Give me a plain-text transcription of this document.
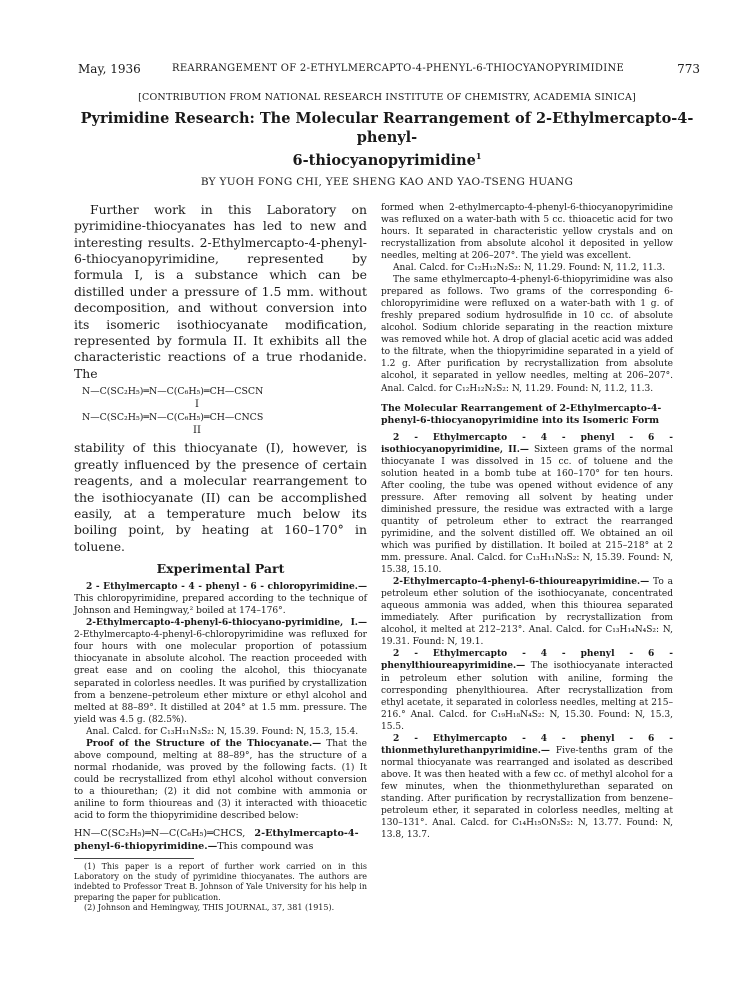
May, 1936	REARRANGEMENT OF 2-ETHYLMERCAPTO-4-PHENYL-6-THIOCYANOPYRIMIDINE	773
[CONTRIBUTION FROM NATIONAL RESEARCH INSTITUTE OF CHEMISTRY, ACADEMIA SINICA]
Pyrimidine Research: The Molecular Rearrangement of 2-Ethylmercapto-4-phenyl-
6-thiocyanopyrimidine$^1$
BY YUOH FONG CHI, YEE SHENG KAO AND YAO-TSENG HUANG

Further work in this Laboratory on pyrimidine-thiocyanates has led to new and interesting results. 2-Ethylmercapto-4-phenyl-6-thiocyanopyrimidine, represented by formula I, is a substance which can be distilled under a pressure of 1.5 mm. without decomposition, and without conversion into its isomeric isothiocyanate modification, represented by formula II. It exhibits all the characteristic reactions of a true rhodanide. The

N—C(SC₂H₅)═N—C(C₆H₅)═CH—CSCN
I
N—C(SC₂H₅)═N—C(C₆H₅)═CH—CNCS
II

stability of this thiocyanate (I), however, is greatly influenced by the presence of certain reagents, and a molecular rearrangement to the isothiocyanate (II) can be accomplished easily, at a temperature much below its boiling point, by heating at 160–170° in toluene.

Experimental Part

2 - Ethylmercapto - 4 - phenyl - 6 - chloropyrimidine.— This chloropyrimidine, prepared according to the technique of Johnson and Hemingway,² boiled at 174–176°.

2-Ethylmercapto-4-phenyl-6-thiocyano-pyrimidine, I.— 2-Ethylmercapto-4-phenyl-6-chloropyrimidine was refluxed for four hours with one molecular proportion of potassium thiocyanate in absolute alcohol. The reaction proceeded with great ease and on cooling the alcohol, this thiocyanate separated in colorless needles. It was purified by crystallization from a benzene–petroleum ether mixture or ethyl alcohol and melted at 88–89°. It distilled at 204° at 1.5 mm. pressure. The yield was 4.5 g. (82.5%).

Anal. Calcd. for C₁₃H₁₁N₃S₂: N, 15.39. Found: N, 15.3, 15.4.

Proof of the Structure of the Thiocyanate.— That the above compound, melting at 88–89°, has the structure of a normal rhodanide, was proved by the following facts. (1) It could be recrystallized from ethyl alcohol without conversion to a thiourethan; (2) it did not combine with ammonia or aniline to form thioureas and (3) it interacted with thioacetic acid to form the thiopyrimidine described below:

HN—C(SC₂H₅)═N—C(C₆H₅)═CHCS, 2-Ethylmercapto-4-phenyl-6-thiopyrimidine.—This compound was

(1) This paper is a report of further work carried on in this Laboratory on the study of pyrimidine thiocyanates. The authors are indebted to Professor Treat B. Johnson of Yale University for his help in preparing the paper for publication.

(2) Johnson and Hemingway, THIS JOURNAL, 37, 381 (1915).

formed when 2-ethylmercapto-4-phenyl-6-thiocyanopyrimidine was refluxed on a water-bath with 5 cc. thioacetic acid for two hours. It separated in characteristic yellow crystals and on recrystallization from absolute alcohol it deposited in yellow needles, melting at 206–207°. The yield was excellent.

Anal. Calcd. for C₁₂H₁₂N₂S₂: N, 11.29. Found: N, 11.2, 11.3.

The same ethylmercapto-4-phenyl-6-thiopyrimidine was also prepared as follows. Two grams of the corresponding 6-chloropyrimidine were refluxed on a water-bath with 1 g. of freshly prepared sodium hydrosulfide in 10 cc. of absolute alcohol. Sodium chloride separating in the reaction mixture was removed while hot. A drop of glacial acetic acid was added to the filtrate, when the thiopyrimidine separated in a yield of 1.2 g. After purification by recrystallization from absolute alcohol, it separated in yellow needles, melting at 206–207°. Anal. Calcd. for C₁₂H₁₂N₂S₂: N, 11.29. Found: N, 11.2, 11.3.

The Molecular Rearrangement of 2-Ethylmercapto-4-phenyl-6-thiocyanopyrimidine into its Isomeric Form

2 - Ethylmercapto - 4 - phenyl - 6 - isothiocyanopyrimidine, II.— Sixteen grams of the normal thiocyanate I was dissolved in 15 cc. of toluene and the solution heated in a bomb tube at 160–170° for ten hours. After cooling, the tube was opened without evidence of any pressure. After removing all solvent by heating under diminished pressure, the residue was extracted with a large quantity of petroleum ether to extract the rearranged pyrimidine, and the solvent distilled off. We obtained an oil which was purified by distillation. It boiled at 215–218° at 2 mm. pressure. Anal. Calcd. for C₁₃H₁₁N₃S₂: N, 15.39. Found: N, 15.38, 15.10.

2-Ethylmercapto-4-phenyl-6-thioureapyrimidine.— To a petroleum ether solution of the isothiocyanate, concentrated aqueous ammonia was added, when this thiourea separated immediately. After purification by recrystallization from alcohol, it melted at 212–213°. Anal. Calcd. for C₁₃H₁₄N₄S₂: N, 19.31. Found: N, 19.1.

2 - Ethylmercapto - 4 - phenyl - 6 - phenylthioureapyrimidine.— The isothiocyanate interacted in petroleum ether solution with aniline, forming the corresponding phenylthiourea. After recrystallization from ethyl acetate, it separated in colorless needles, melting at 215–216.° Anal. Calcd. for C₁₉H₁₈N₄S₂: N, 15.30. Found: N, 15.3, 15.5.

2 - Ethylmercapto - 4 - phenyl - 6 - thionmethylurethanpyrimidine.— Five-tenths gram of the normal thiocyanate was rearranged and isolated as described above. It was then heated with a few cc. of methyl alcohol for a few minutes, when the thionmethylurethan separated on standing. After purification by recrystallization from benzene–petroleum ether, it separated in colorless needles, melting at 130–131°. Anal. Calcd. for C₁₄H₁₅ON₃S₂: N, 13.77. Found: N, 13.8, 13.7.
